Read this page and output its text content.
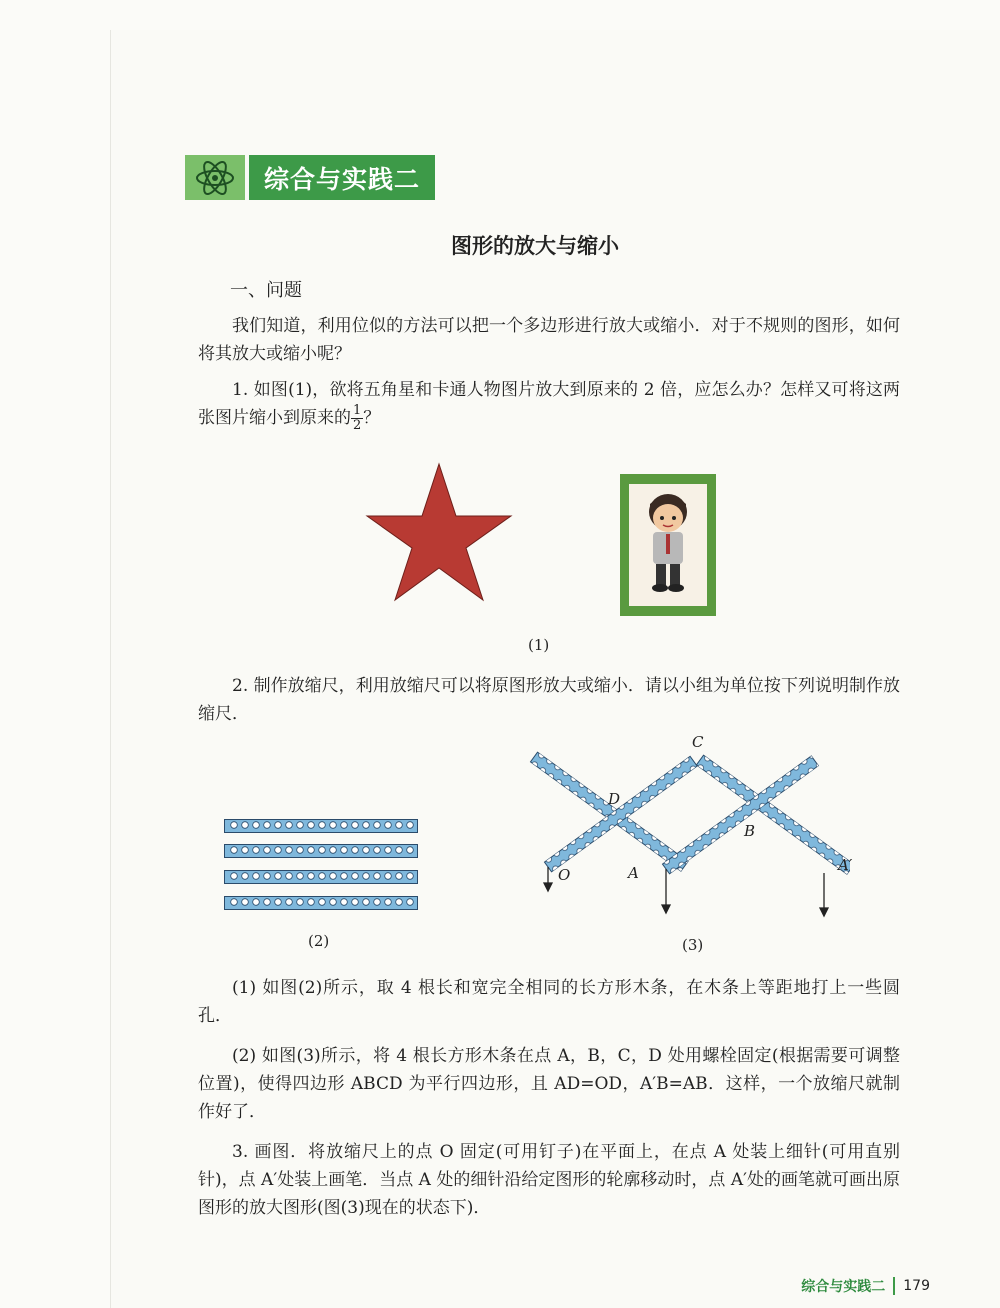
综合与实践二
图形的放大与缩小
一、问题
我们知道，利用位似的方法可以把一个多边形进行放大或缩小．对于不规则的图形，如何将其放大或缩小呢？
1. 如图(1)，欲将五角星和卡通人物图片放大到原来的 2 倍，应怎么办？怎样又可将这两张图片缩小到原来的 $\frac{1}{2}$ ？
(1)
2. 制作放缩尺，利用放缩尺可以将原图形放大或缩小．请以小组为单位按下列说明制作放缩尺．
(2)
C
D
B
O	A	A′
(3)
(1) 如图(2)所示，取 4 根长和宽完全相同的长方形木条，在木条上等距地打上一些圆孔．
(2) 如图(3)所示，将 4 根长方形木条在点 A，B，C，D 处用螺栓固定(根据需要可调整位置)，使得四边形 ABCD 为平行四边形，且 AD=OD，A′B=AB．这样，一个放缩尺就制作好了．
3. 画图．将放缩尺上的点 O 固定(可用钉子)在平面上，在点 A 处装上细针(可用直别针)，点 A′处装上画笔．当点 A 处的细针沿给定图形的轮廓移动时，点 A′处的画笔就可画出原图形的放大图形(图(3)现在的状态下)．
综合与实践二 179
